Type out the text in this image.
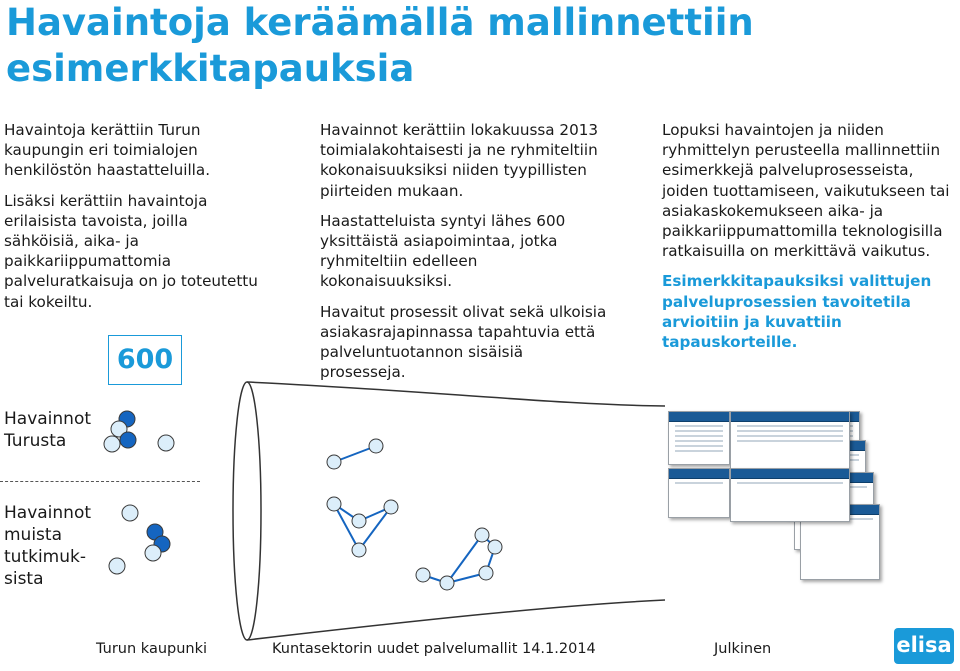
Havaintoja keräämällä mallinnettiin esimerkkitapauksia

Havaintoja kerättiin Turun kaupungin eri toimialojen henkilöstön haastatteluilla.

Lisäksi kerättiin havaintoja erilaisista tavoista, joilla sähköisiä, aika- ja paikkariippumattomia palveluratkaisuja on jo toteutettu tai kokeiltu.

Havainnot kerättiin lokakuussa 2013 toimialakohtaisesti ja ne ryhmiteltiin kokonaisuuksiksi niiden tyypillisten piirteiden mukaan.

Haastatteluista syntyi lähes 600 yksittäistä asiapoimintaa, jotka ryhmiteltiin edelleen kokonaisuuksiksi.

Havaitut prosessit olivat sekä ulkoisia asiakasrajapinnassa tapahtuvia että palveluntuotannon sisäisiä prosesseja.

Lopuksi havaintojen ja niiden ryhmittelyn perusteella mallinnettiin esimerkkejä palveluprosesseista, joiden tuottamiseen, vaikutukseen tai asiakaskokemukseen aika- ja paikkariippumattomilla teknologisilla ratkaisuilla on merkittävä vaikutus.

Esimerkkitapauksiksi valittujen palveluprosessien tavoitetila arvioitiin ja kuvattiin tapauskorteille.

600
Havainnot Turusta
Havainnot muista tutkimuk- sista
Turun kaupunki	Kuntasektorin uudet palvelumallit 14.1.2014	Julkinen	elisa
